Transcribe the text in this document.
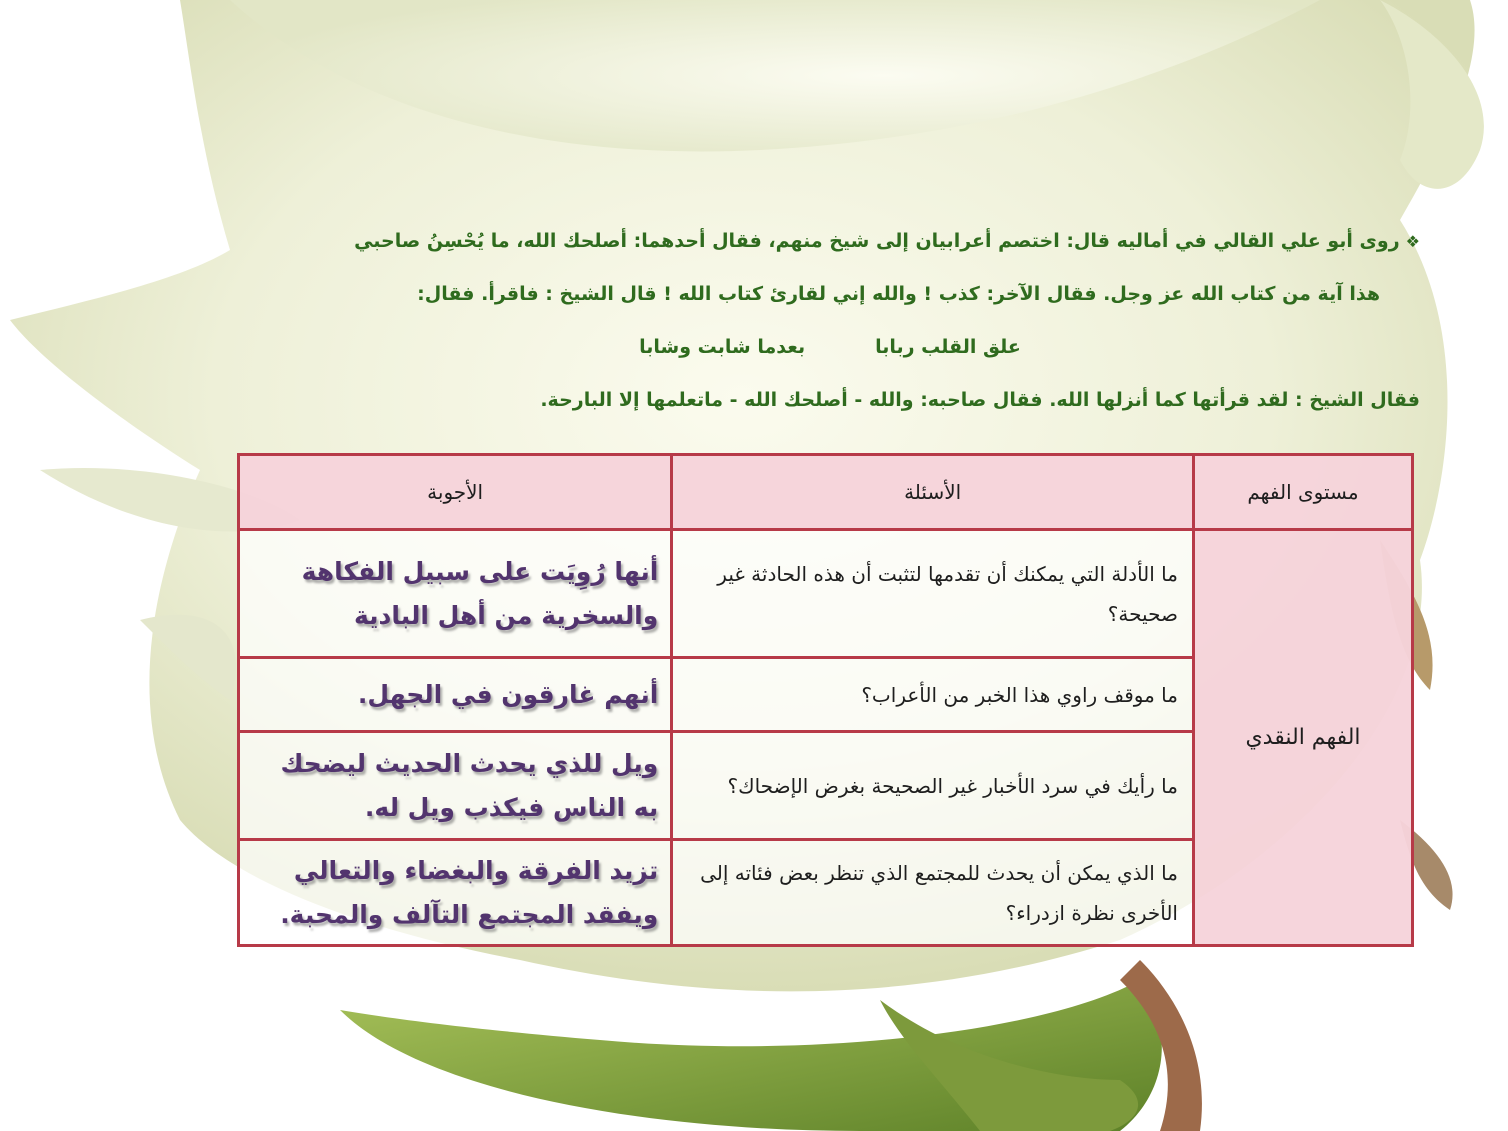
❖روى أبو علي القالي في أماليه قال: اختصم أعرابيان إلى شيخ منهم، فقال أحدهما: أصلحك الله، ما يُحْسِنُ صاحبي
هذا آية من كتاب الله عز وجل. فقال الآخر: كذب ! والله إني لقارئ كتاب الله ! قال الشيخ : فاقرأ. فقال:
علق القلب ربابا
بعدما شابت وشابا
فقال الشيخ : لقد قرأتها كما أنزلها الله. فقال صاحبه: والله - أصلحك الله - ماتعلمها إلا البارحة.
مستوى الفهم	الأسئلة	الأجوبة
الفهم النقدي	ما الأدلة التي يمكنك أن تقدمها لتثبت أن هذه الحادثة غير صحيحة؟	أنها رُوِيَت على سبيل الفكاهة والسخرية من أهل البادية
	ما موقف راوي هذا الخبر من الأعراب؟	أنهم غارقون في الجهل.
	ما رأيك في سرد الأخبار غير الصحيحة بغرض الإضحاك؟	ويل للذي يحدث الحديث ليضحك به الناس فيكذب ويل له.
	ما الذي يمكن أن يحدث للمجتمع الذي تنظر بعض فئاته إلى الأخرى نظرة ازدراء؟	تزيد الفرقة والبغضاء والتعالي ويفقد المجتمع التآلف والمحبة.
